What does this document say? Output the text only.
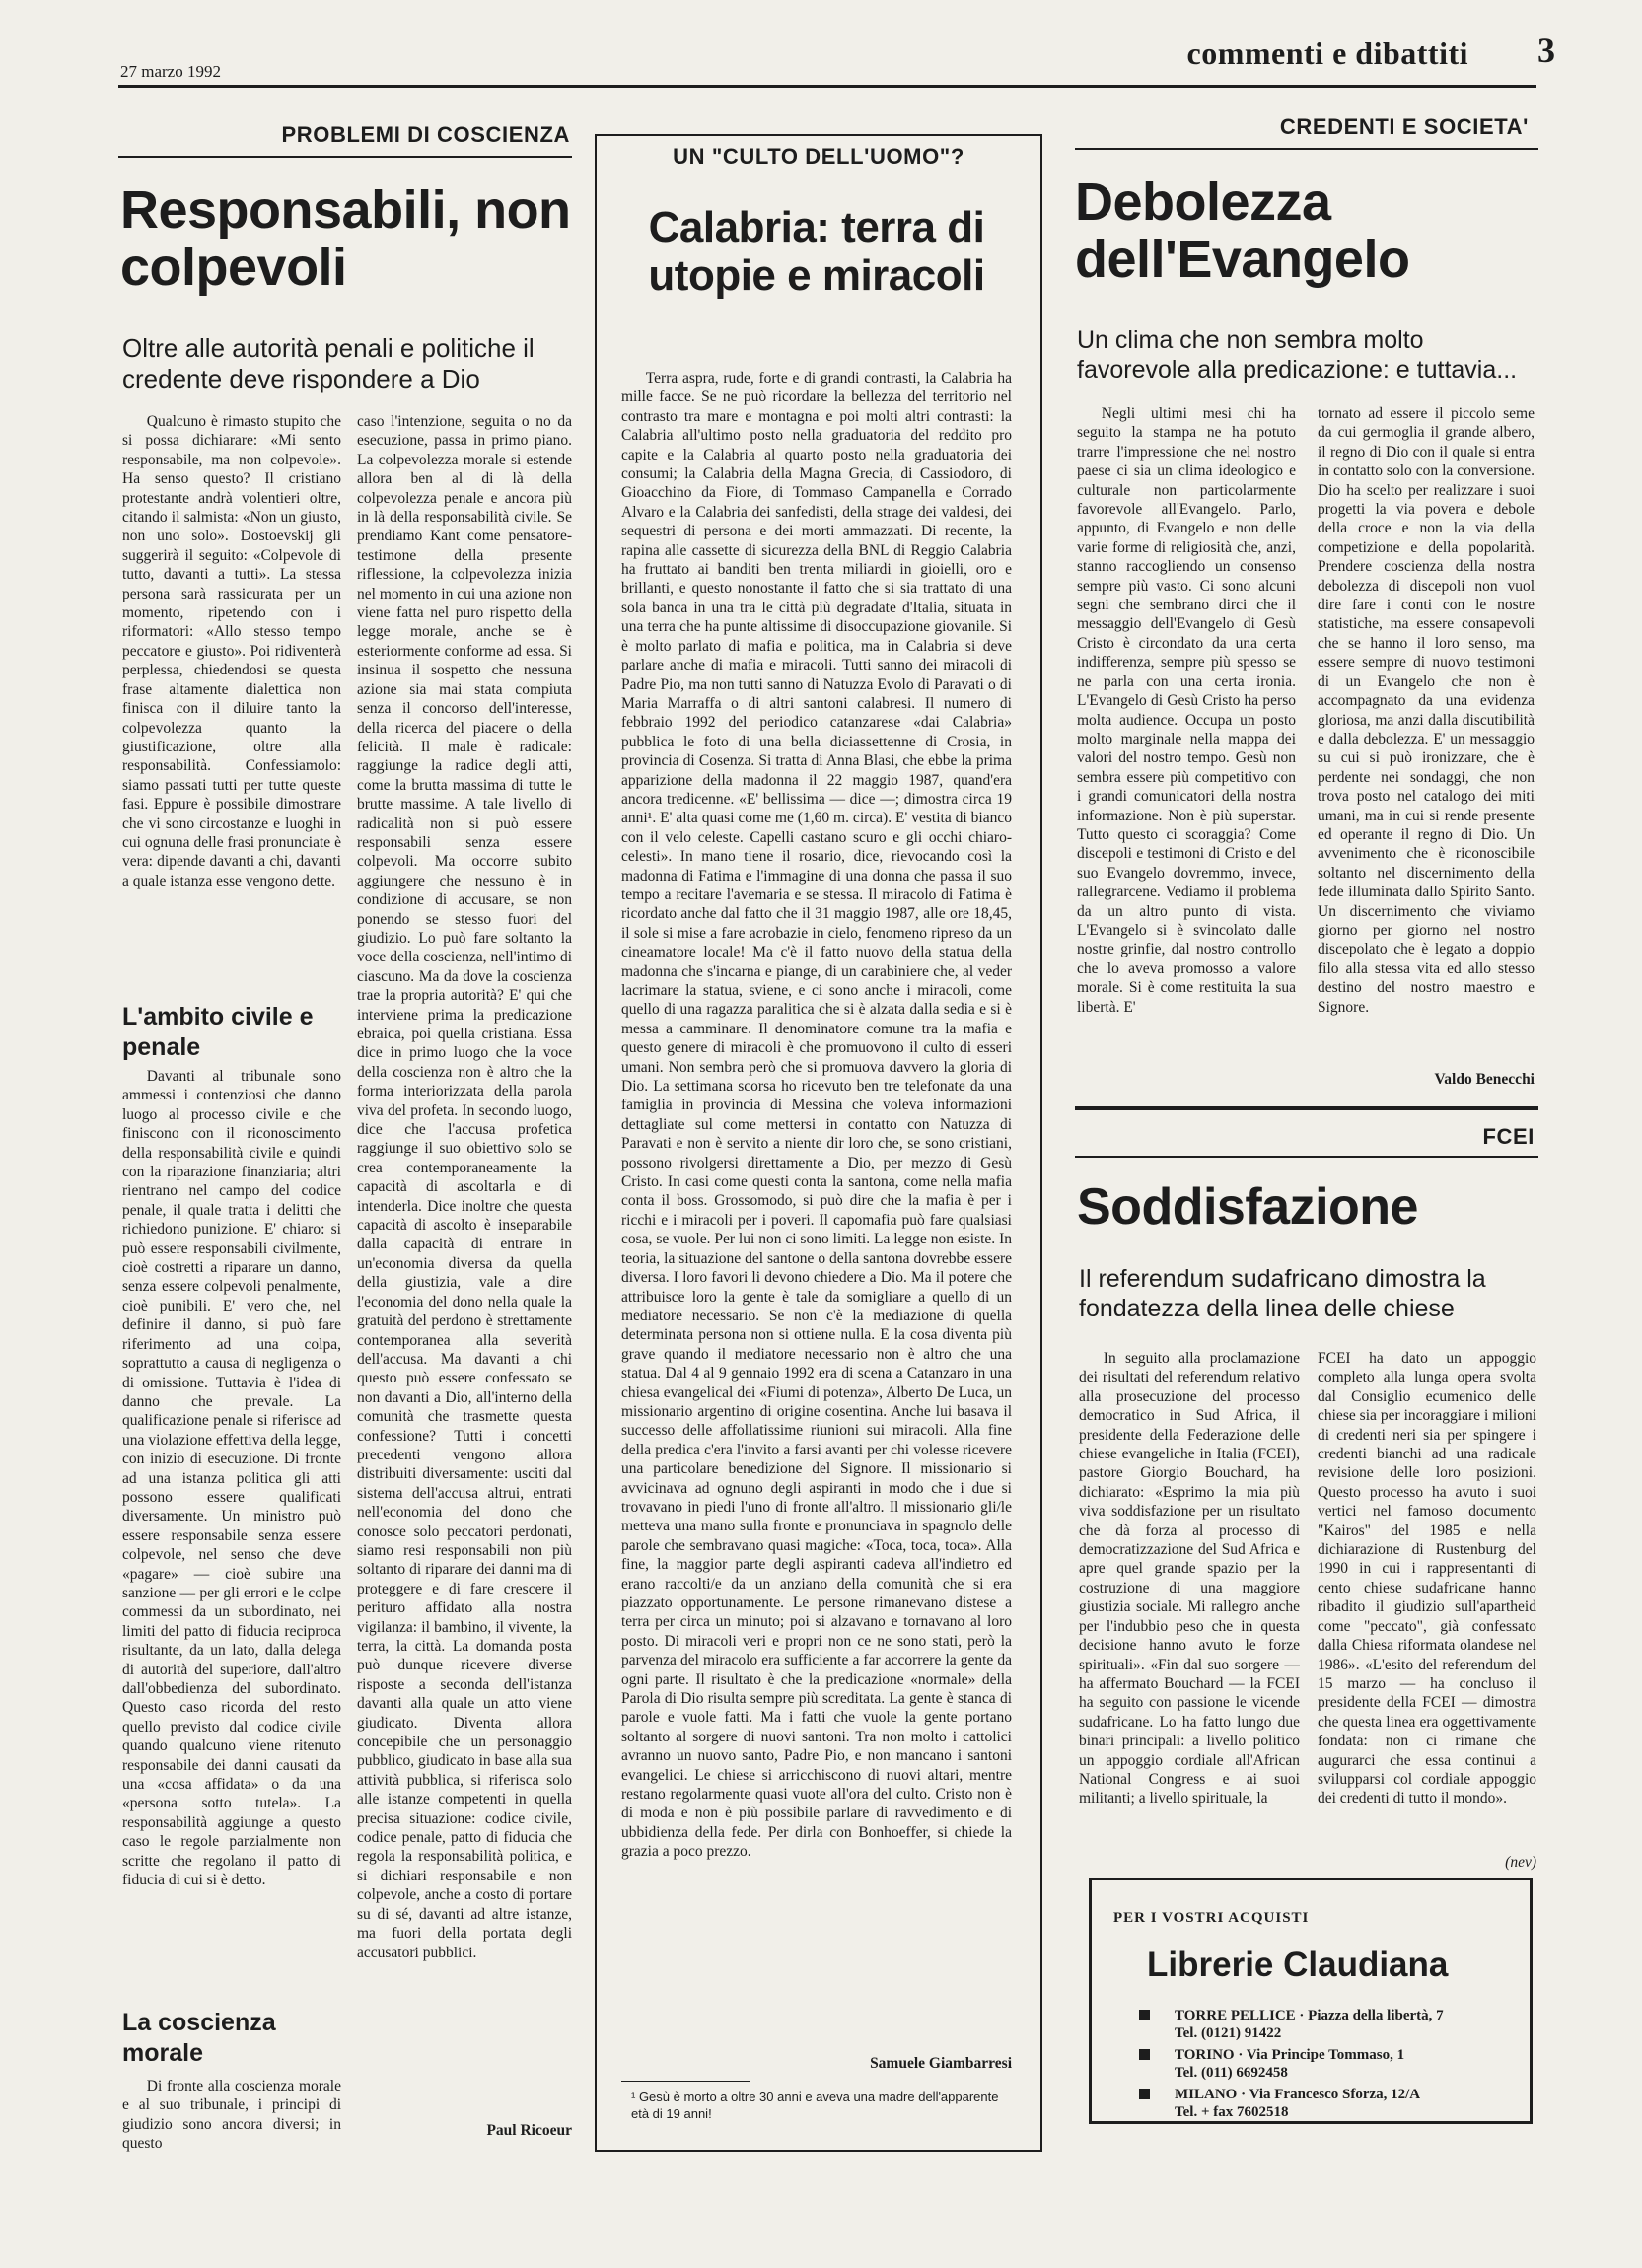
27 marzo 1992
commenti e dibattiti 3
PROBLEMI DI COSCIENZA
Responsabili, non colpevoli
Oltre alle autorità penali e politiche il credente deve rispondere a Dio

Qualcuno è rimasto stupito che si possa dichiarare: «Mi sento responsabile, ma non colpevole». Ha senso questo? Il cristiano protestante andrà volentieri oltre, citando il salmista: «Non un giusto, non uno solo». Dostoevskij gli suggerirà il seguito: «Colpevole di tutto, davanti a tutti». La stessa persona sarà rassicurata per un momento, ripetendo con i riformatori: «Allo stesso tempo peccatore e giusto». Poi ridiventerà perplessa, chiedendosi se questa frase altamente dialettica non finisca con il diluire tanto la colpevolezza quanto la giustificazione, oltre alla responsabilità. Confessiamolo: siamo passati tutti per tutte queste fasi. Eppure è possibile dimostrare che vi sono circostanze e luoghi in cui ognuna delle frasi pronunciate è vera: dipende davanti a chi, davanti a quale istanza esse vengono dette.

L'ambito civile e penale

Davanti al tribunale sono ammessi i contenziosi che danno luogo al processo civile e che finiscono con il riconoscimento della responsabilità civile e quindi con la riparazione finanziaria; altri rientrano nel campo del codice penale, il quale tratta i delitti che richiedono punizione. E' chiaro: si può essere responsabili civilmente, cioè costretti a riparare un danno, senza essere colpevoli penalmente, cioè punibili. E' vero che, nel definire il danno, si può fare riferimento ad una colpa, soprattutto a causa di negligenza o di omissione. Tuttavia è l'idea di danno che prevale. La qualificazione penale si riferisce ad una violazione effettiva della legge, con inizio di esecuzione. Di fronte ad una istanza politica gli atti possono essere qualificati diversamente. Un ministro può essere responsabile senza essere colpevole, nel senso che deve «pagare» — cioè subire una sanzione — per gli errori e le colpe commessi da un subordinato, nei limiti del patto di fiducia reciproca risultante, da un lato, dalla delega di autorità del superiore, dall'altro dall'obbedienza del subordinato. Questo caso ricorda del resto quello previsto dal codice civile quando qualcuno viene ritenuto responsabile dei danni causati da una «cosa affidata» o da una «persona sotto tutela». La responsabilità aggiunge a questo caso le regole parzialmente non scritte che regolano il patto di fiducia di cui si è detto.

La coscienza morale

Di fronte alla coscienza morale e al suo tribunale, i principi di giudizio sono ancora diversi; in questo

caso l'intenzione, seguita o no da esecuzione, passa in primo piano. La colpevolezza morale si estende allora ben al di là della colpevolezza penale e ancora più in là della responsabilità civile. Se prendiamo Kant come pensatore-testimone della presente riflessione, la colpevolezza inizia nel momento in cui una azione non viene fatta nel puro rispetto della legge morale, anche se è esteriormente conforme ad essa. Si insinua il sospetto che nessuna azione sia mai stata compiuta senza il concorso dell'interesse, della ricerca del piacere o della felicità. Il male è radicale: raggiunge la radice degli atti, come la brutta massima di tutte le brutte massime. A tale livello di radicalità non si può essere responsabili senza essere colpevoli. Ma occorre subito aggiungere che nessuno è in condizione di accusare, se non ponendo se stesso fuori del giudizio. Lo può fare soltanto la voce della coscienza, nell'intimo di ciascuno. Ma da dove la coscienza trae la propria autorità? E' qui che interviene prima la predicazione ebraica, poi quella cristiana. Essa dice in primo luogo che la voce della coscienza non è altro che la forma interiorizzata della parola viva del profeta. In secondo luogo, dice che l'accusa profetica raggiunge il suo obiettivo solo se crea contemporaneamente la capacità di ascoltarla e di intenderla. Dice inoltre che questa capacità di ascolto è inseparabile dalla capacità di entrare in un'economia diversa da quella della giustizia, vale a dire l'economia del dono nella quale la gratuità del perdono è strettamente contemporanea alla severità dell'accusa. Ma davanti a chi questo può essere confessato se non davanti a Dio, all'interno della comunità che trasmette questa confessione? Tutti i concetti precedenti vengono allora distribuiti diversamente: usciti dal sistema dell'accusa altrui, entrati nell'economia del dono che conosce solo peccatori perdonati, siamo resi responsabili non più soltanto di riparare dei danni ma di proteggere e di fare crescere il perituro affidato alla nostra vigilanza: il bambino, il vivente, la terra, la città. La domanda posta può dunque ricevere diverse risposte a seconda dell'istanza davanti alla quale un atto viene giudicato. Diventa allora concepibile che un personaggio pubblico, giudicato in base alla sua attività pubblica, si riferisca solo alle istanze competenti in quella precisa situazione: codice civile, codice penale, patto di fiducia che regola la responsabilità politica, e si dichiari responsabile e non colpevole, anche a costo di portare su di sé, davanti ad altre istanze, ma fuori della portata degli accusatori pubblici.

Paul Ricoeur
UN "CULTO DELL'UOMO"?
Calabria: terra di utopie e miracoli

Terra aspra, rude, forte e di grandi contrasti, la Calabria ha mille facce. Se ne può ricordare la bellezza del territorio nel contrasto tra mare e montagna e poi molti altri contrasti: la Calabria all'ultimo posto nella graduatoria del reddito pro capite e la Calabria al quarto posto nella graduatoria dei consumi; la Calabria della Magna Grecia, di Cassiodoro, di Gioacchino da Fiore, di Tommaso Campanella e Corrado Alvaro e la Calabria dei sanfedisti, della strage dei valdesi, dei sequestri di persona e dei morti ammazzati. Di recente, la rapina alle cassette di sicurezza della BNL di Reggio Calabria ha fruttato ai banditi ben trenta miliardi in gioielli, oro e brillanti, e questo nonostante il fatto che si sia trattato di una sola banca in una tra le città più degradate d'Italia, situata in una terra che ha punte altissime di disoccupazione giovanile. Si è molto parlato di mafia e politica, ma in Calabria si deve parlare anche di mafia e miracoli. Tutti sanno dei miracoli di Padre Pio, ma non tutti sanno di Natuzza Evolo di Paravati o di Maria Marraffa o di altri santoni calabresi. Il numero di febbraio 1992 del periodico catanzarese «dai Calabria» pubblica le foto di una bella diciassettenne di Crosia, in provincia di Cosenza. Si tratta di Anna Blasi, che ebbe la prima apparizione della madonna il 22 maggio 1987, quand'era ancora tredicenne. «E' bellissima — dice —; dimostra circa 19 anni¹. E' alta quasi come me (1,60 m. circa). E' vestita di bianco con il velo celeste. Capelli castano scuro e gli occhi chiaro-celesti». In mano tiene il rosario, dice, rievocando così la madonna di Fatima e l'immagine di una donna che passa il suo tempo a recitare l'avemaria e se stessa. Il miracolo di Fatima è ricordato anche dal fatto che il 31 maggio 1987, alle ore 18,45, il sole si mise a fare acrobazie in cielo, fenomeno ripreso da un cineamatore locale! Ma c'è il fatto nuovo della statua della madonna che s'incarna e piange, di un carabiniere che, al veder lacrimare la statua, sviene, e ci sono anche i miracoli, come quello di una ragazza paralitica che si è alzata dalla sedia e si è messa a camminare. Il denominatore comune tra la mafia e questo genere di miracoli è che promuovono il culto di esseri umani. Non sembra però che si promuova davvero la gloria di Dio. La settimana scorsa ho ricevuto ben tre telefonate da una famiglia in provincia di Messina che voleva informazioni dettagliate sul come mettersi in contatto con Natuzza di Paravati e non è servito a niente dir loro che, se sono cristiani, possono rivolgersi direttamente a Dio, per mezzo di Gesù Cristo. In casi come questi conta la santona, come nella mafia conta il boss. Grossomodo, si può dire che la mafia è per i ricchi e i miracoli per i poveri. Il capomafia può fare qualsiasi cosa, se vuole. Per lui non ci sono limiti. La legge non esiste. In teoria, la situazione del santone o della santona dovrebbe essere diversa. I loro favori li devono chiedere a Dio. Ma il potere che attribuisce loro la gente è tale da somigliare a quello di un mediatore necessario. Se non c'è la mediazione di quella determinata persona non si ottiene nulla. E la cosa diventa più grave quando il mediatore necessario non è altro che una statua. Dal 4 al 9 gennaio 1992 era di scena a Catanzaro in una chiesa evangelical dei «Fiumi di potenza», Alberto De Luca, un missionario argentino di origine cosentina. Anche lui basava il successo delle affollatissime riunioni sui miracoli. Alla fine della predica c'era l'invito a farsi avanti per chi volesse ricevere una particolare benedizione del Signore. Il missionario si avvicinava ad ognuno degli aspiranti in modo che i due si trovavano in piedi l'uno di fronte all'altro. Il missionario gli/le metteva una mano sulla fronte e pronunciava in spagnolo delle parole che sembravano quasi magiche: «Toca, toca, toca». Alla fine, la maggior parte degli aspiranti cadeva all'indietro ed erano raccolti/e da un anziano della comunità che si era piazzato opportunamente. Le persone rimanevano distese a terra per circa un minuto; poi si alzavano e tornavano al loro posto. Di miracoli veri e propri non ce ne sono stati, però la parvenza del miracolo era sufficiente a far accorrere la gente da ogni parte. Il risultato è che la predicazione «normale» della Parola di Dio risulta sempre più screditata. La gente è stanca di parole e vuole fatti. Ma i fatti che vuole la gente portano soltanto al sorgere di nuovi santoni. Tra non molto i cattolici avranno un nuovo santo, Padre Pio, e non mancano i santoni evangelici. Le chiese si arricchiscono di nuovi altari, mentre restano regolarmente quasi vuote all'ora del culto. Cristo non è di moda e non è più possibile parlare di ravvedimento e di ubbidienza della fede. Per dirla con Bonhoeffer, si chiede la grazia a poco prezzo.

Samuele Giambarresi
¹ Gesù è morto a oltre 30 anni e aveva una madre dell'apparente età di 19 anni!
CREDENTI E SOCIETA'
Debolezza dell'Evangelo
Un clima che non sembra molto favorevole alla predicazione: e tuttavia...

Negli ultimi mesi chi ha seguito la stampa ne ha potuto trarre l'impressione che nel nostro paese ci sia un clima ideologico e culturale non particolarmente favorevole all'Evangelo. Parlo, appunto, di Evangelo e non delle varie forme di religiosità che, anzi, stanno raccogliendo un consenso sempre più vasto. Ci sono alcuni segni che sembrano dirci che il messaggio dell'Evangelo di Gesù Cristo è circondato da una certa indifferenza, sempre più spesso se ne parla con una certa ironia. L'Evangelo di Gesù Cristo ha perso molta audience. Occupa un posto molto marginale nella mappa dei valori del nostro tempo. Gesù non sembra essere più competitivo con i grandi comunicatori della nostra informazione. Non è più superstar. Tutto questo ci scoraggia? Come discepoli e testimoni di Cristo e del suo Evangelo dovremmo, invece, rallegrarcene. Vediamo il problema da un altro punto di vista. L'Evangelo si è svincolato dalle nostre grinfie, dal nostro controllo che lo aveva promosso a valore morale. Si è come restituita la sua libertà. E'

tornato ad essere il piccolo seme da cui germoglia il grande albero, il regno di Dio con il quale si entra in contatto solo con la conversione. Dio ha scelto per realizzare i suoi progetti la via povera e debole della croce e non la via della competizione e della popolarità. Prendere coscienza della nostra debolezza di discepoli non vuol dire fare i conti con le nostre statistiche, ma essere consapevoli che se hanno il loro senso, ma essere sempre di nuovo testimoni di un Evangelo che non è accompagnato da una evidenza gloriosa, ma anzi dalla discutibilità e dalla debolezza. E' un messaggio su cui si può ironizzare, che è perdente nei sondaggi, che non trova posto nel catalogo dei miti umani, ma in cui si rende presente ed operante il regno di Dio. Un avvenimento che è riconoscibile soltanto nel discernimento della fede illuminata dallo Spirito Santo. Un discernimento che viviamo giorno per giorno nel nostro discepolato che è legato a doppio filo alla stessa vita ed allo stesso destino del nostro maestro e Signore.

Valdo Benecchi
FCEI
Soddisfazione
Il referendum sudafricano dimostra la fondatezza della linea delle chiese

In seguito alla proclamazione dei risultati del referendum relativo alla prosecuzione del processo democratico in Sud Africa, il presidente della Federazione delle chiese evangeliche in Italia (FCEI), pastore Giorgio Bouchard, ha dichiarato: «Esprimo la mia più viva soddisfazione per un risultato che dà forza al processo di democratizzazione del Sud Africa e apre quel grande spazio per la costruzione di una maggiore giustizia sociale. Mi rallegro anche per l'indubbio peso che in questa decisione hanno avuto le forze spirituali». «Fin dal suo sorgere — ha affermato Bouchard — la FCEI ha seguito con passione le vicende sudafricane. Lo ha fatto lungo due binari principali: a livello politico un appoggio cordiale all'African National Congress e ai suoi militanti; a livello spirituale, la

FCEI ha dato un appoggio completo alla lunga opera svolta dal Consiglio ecumenico delle chiese sia per incoraggiare i milioni di credenti neri sia per spingere i credenti bianchi ad una radicale revisione delle loro posizioni. Questo processo ha avuto i suoi vertici nel famoso documento "Kairos" del 1985 e nella dichiarazione di Rustenburg del 1990 in cui i rappresentanti di cento chiese sudafricane hanno ribadito il giudizio sull'apartheid come "peccato", già confessato dalla Chiesa riformata olandese nel 1986». «L'esito del referendum del 15 marzo — ha concluso il presidente della FCEI — dimostra che questa linea era oggettivamente fondata: non ci rimane che augurarci che essa continui a svilupparsi col cordiale appoggio dei credenti di tutto il mondo».

(nev)
PER I VOSTRI ACQUISTI
Librerie Claudiana
TORRE PELLICE · Piazza della libertà, 7
Tel. (0121) 91422
TORINO · Via Principe Tommaso, 1
Tel. (011) 6692458
MILANO · Via Francesco Sforza, 12/A
Tel. + fax 7602518
